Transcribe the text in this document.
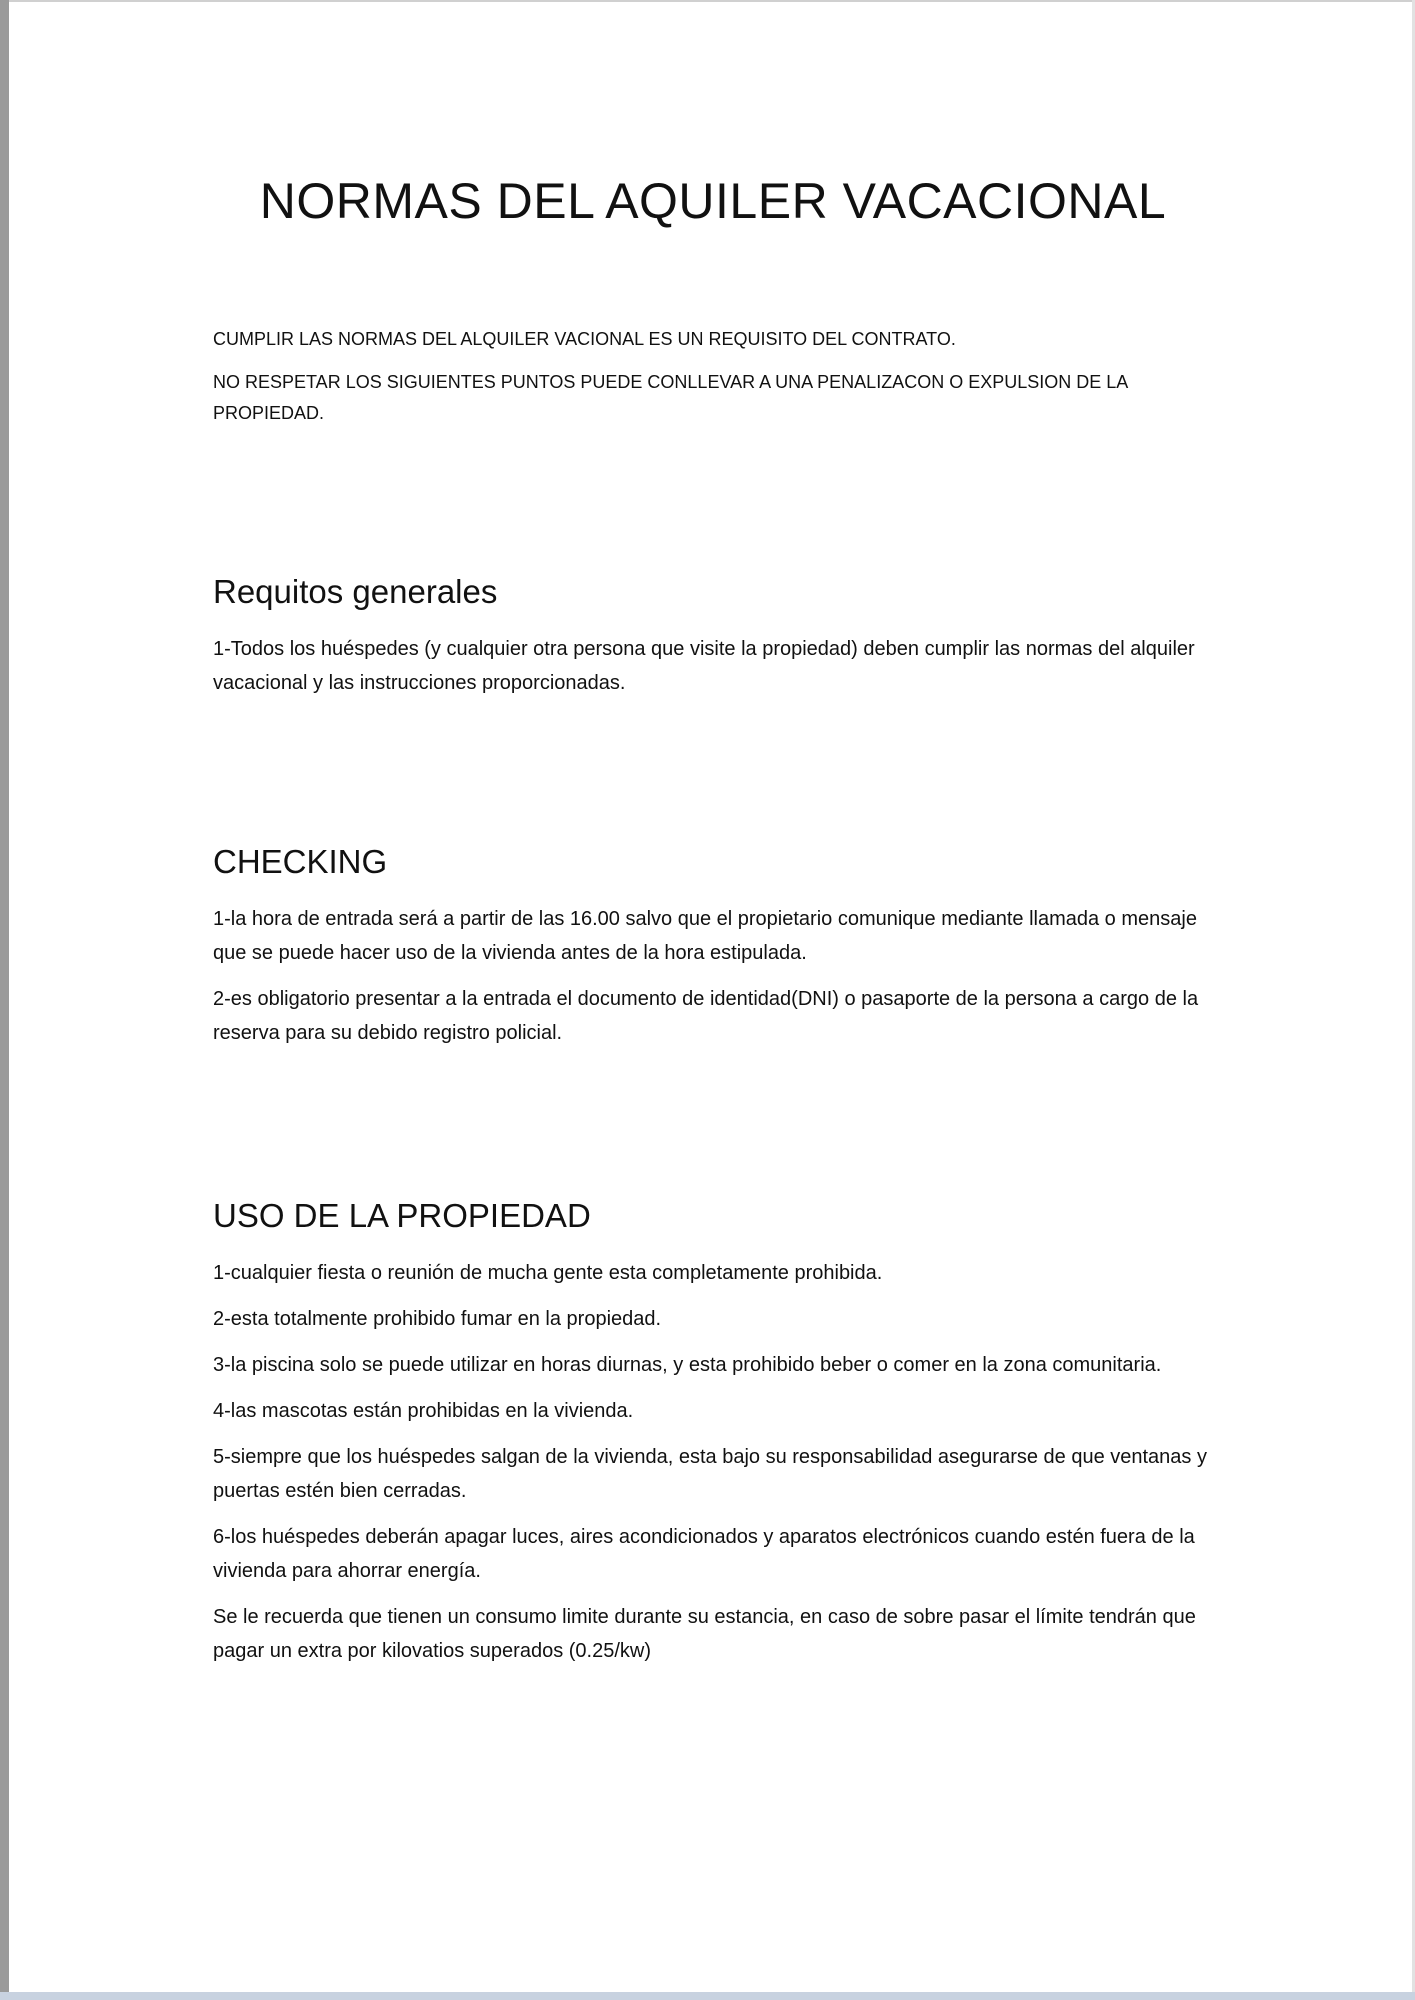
NORMAS DEL AQUILER VACACIONAL

CUMPLIR LAS NORMAS DEL ALQUILER VACIONAL ES UN REQUISITO DEL CONTRATO.

NO RESPETAR LOS SIGUIENTES PUNTOS PUEDE CONLLEVAR A UNA PENALIZACON O EXPULSION DE LA PROPIEDAD.

Requitos generales

1-Todos los huéspedes (y cualquier otra persona que visite la propiedad) deben cumplir las normas del alquiler vacacional y las instrucciones proporcionadas.

CHECKING

1-la hora de entrada será a partir de las 16.00 salvo que el propietario comunique mediante llamada o mensaje que se puede hacer uso de la vivienda antes de la hora estipulada.

2-es obligatorio presentar a la entrada el documento de identidad(DNI) o pasaporte de la persona a cargo de la reserva para su debido registro policial.

USO DE LA PROPIEDAD

1-cualquier fiesta o reunión de mucha gente esta completamente prohibida.

2-esta totalmente prohibido fumar en la propiedad.

3-la piscina solo se puede utilizar en horas diurnas, y esta prohibido beber o comer en la zona comunitaria.

4-las mascotas están prohibidas en la vivienda.

5-siempre que los huéspedes salgan de la vivienda, esta bajo su responsabilidad asegurarse de que ventanas y puertas estén bien cerradas.

6-los huéspedes deberán apagar luces, aires acondicionados y aparatos electrónicos cuando estén fuera de la vivienda para ahorrar energía.

Se le recuerda que tienen un consumo limite durante su estancia, en caso de sobre pasar el límite tendrán que pagar un extra por kilovatios superados (0.25/kw)
